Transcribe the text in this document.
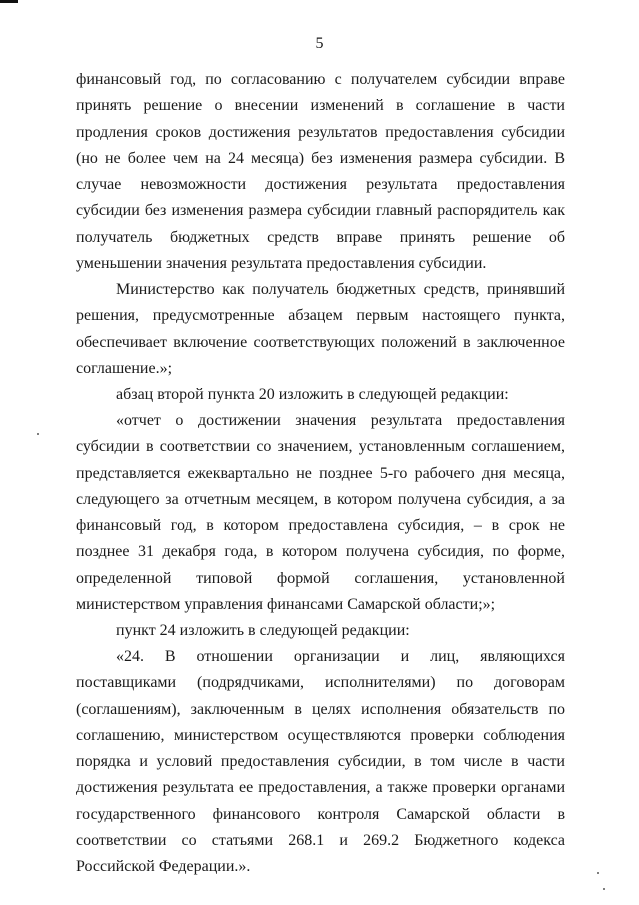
5

финансовый год, по согласованию с получателем субсидии вправе принять решение о внесении изменений в соглашение в части продления сроков достижения результатов предоставления субсидии (но не более чем на 24 месяца) без изменения размера субсидии. В случае невозможности достижения результата предоставления субсидии без изменения размера субсидии главный распорядитель как получатель бюджетных средств вправе принять решение об уменьшении значения результата предоставления субсидии.

Министерство как получатель бюджетных средств, принявший решения, предусмотренные абзацем первым настоящего пункта, обеспечивает включение соответствующих положений в заключенное соглашение.»;

абзац второй пункта 20 изложить в следующей редакции:

«отчет о достижении значения результата предоставления субсидии в соответствии со значением, установленным соглашением, представляется ежеквартально не позднее 5-го рабочего дня месяца, следующего за отчетным месяцем, в котором получена субсидия, а за финансовый год, в котором предоставлена субсидия, – в срок не позднее 31 декабря года, в котором получена субсидия, по форме, определенной типовой формой соглашения, установленной министерством управления финансами Самарской области;»;

пункт 24 изложить в следующей редакции:

«24. В отношении организации и лиц, являющихся поставщиками (подрядчиками, исполнителями) по договорам (соглашениям), заключенным в целях исполнения обязательств по соглашению, министерством осуществляются проверки соблюдения порядка и условий предоставления субсидии, в том числе в части достижения результата ее предоставления, а также проверки органами государственного финансового контроля Самарской области в соответствии со статьями 268.1 и 269.2 Бюджетного кодекса Российской Федерации.».
